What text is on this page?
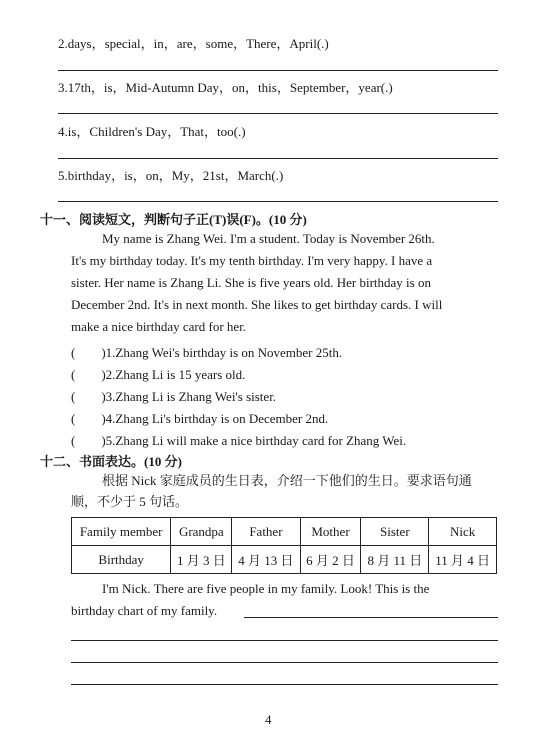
2.days，special，in，are，some，There，April(.)
3.17th，is，Mid-Autumn Day，on，this，September，year(.)
4.is，Children's Day，That，too(.)
5.birthday，is，on，My，21st，March(.)
十一、阅读短文，判断句子正(T)误(F)。(10 分)
My name is Zhang Wei. I'm a student. Today is November 26th.
It's my birthday today. It's my tenth birthday. I'm very happy. I have a
sister. Her name is Zhang Li. She is five years old. Her birthday is on
December 2nd. It's in next month. She likes to get birthday cards. I will
make a nice birthday card for her.
(　　)1.Zhang Wei's birthday is on November 25th.
(　　)2.Zhang Li is 15 years old.
(　　)3.Zhang Li is Zhang Wei's sister.
(　　)4.Zhang Li's birthday is on December 2nd.
(　　)5.Zhang Li will make a nice birthday card for Zhang Wei.
十二、书面表达。(10 分)
根据 Nick 家庭成员的生日表，介绍一下他们的生日。要求语句通
顺，不少于 5 句话。
Family member	Grandpa	Father	Mother	Sister	Nick
Birthday	1 月 3 日	4 月 13 日	6 月 2 日	8 月 11 日	11 月 4 日
I'm Nick. There are five people in my family. Look! This is the
birthday chart of my family.
4
